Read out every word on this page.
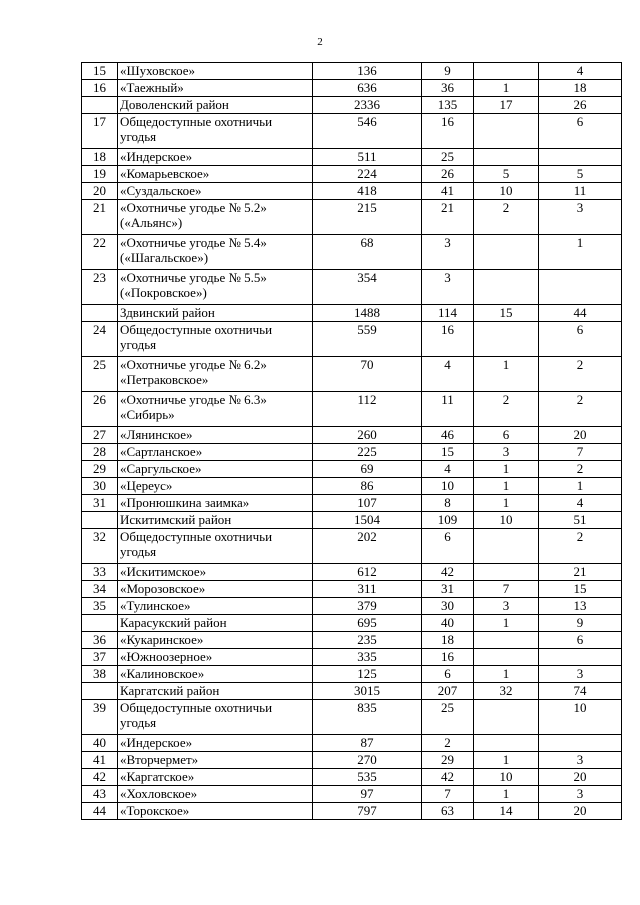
2
15	«Шуховское»	136	9		4
16	«Таежный»	636	36	1	18
	Доволенский район	2336	135	17	26
17	Общедоступные охотничьи угодья	546	16		6
18	«Индерское»	511	25		
19	«Комарьевское»	224	26	5	5
20	«Суздальское»	418	41	10	11
21	«Охотничье угодье № 5.2» («Альянс»)	215	21	2	3
22	«Охотничье угодье № 5.4» («Шагальское»)	68	3		1
23	«Охотничье угодье № 5.5» («Покровское»)	354	3		
	Здвинский район	1488	114	15	44
24	Общедоступные охотничьи угодья	559	16		6
25	«Охотничье угодье № 6.2» «Петраковское»	70	4	1	2
26	«Охотничье угодье № 6.3» «Сибирь»	112	11	2	2
27	«Лянинское»	260	46	6	20
28	«Сартланское»	225	15	3	7
29	«Саргульское»	69	4	1	2
30	«Цереус»	86	10	1	1
31	«Пронюшкина заимка»	107	8	1	4
	Искитимский район	1504	109	10	51
32	Общедоступные охотничьи угодья	202	6		2
33	«Искитимское»	612	42		21
34	«Морозовское»	311	31	7	15
35	«Тулинское»	379	30	3	13
	Карасукский район	695	40	1	9
36	«Кукаринское»	235	18		6
37	«Южноозерное»	335	16		
38	«Калиновское»	125	6	1	3
	Каргатский район	3015	207	32	74
39	Общедоступные охотничьи угодья	835	25		10
40	«Индерское»	87	2		
41	«Вторчермет»	270	29	1	3
42	«Каргатское»	535	42	10	20
43	«Хохловское»	97	7	1	3
44	«Торокское»	797	63	14	20
